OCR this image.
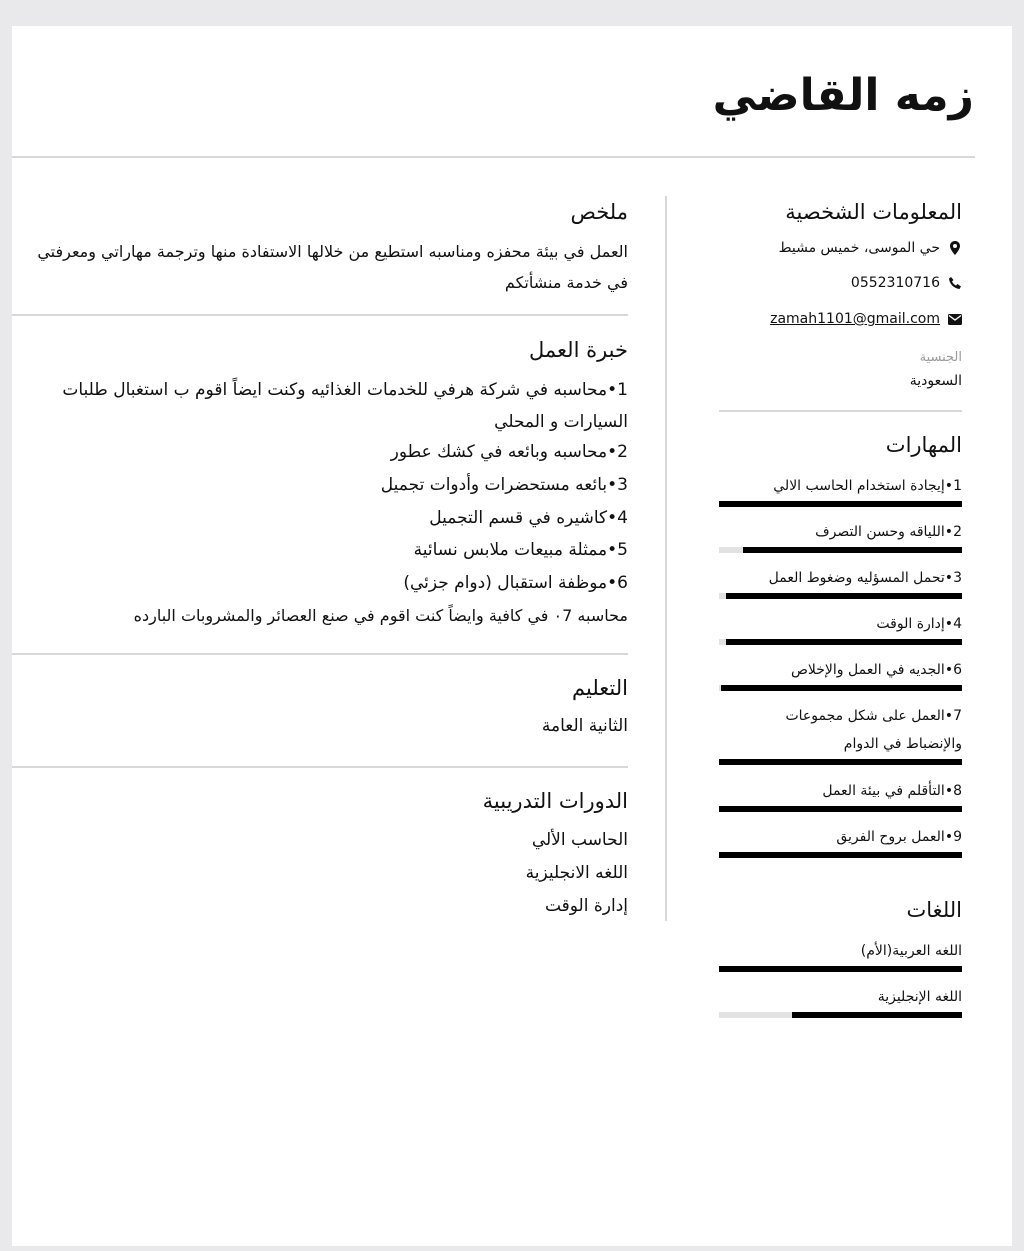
زمه القاضي
المعلومات الشخصية
حي الموسى، خميس مشيط
0552310716
zamah1101@gmail.com
الجنسية
السعودية
المهارات
1•إيجادة استخدام الحاسب الالي
2•اللياقه وحسن التصرف
3•تحمل المسؤليه وضغوط العمل
4•إدارة الوقت
6•الجديه في العمل والإخلاص
7•العمل على شكل مجموعات والإنضباط في الدوام
8•التأقلم في بيئة العمل
9•العمل بروح الفريق
اللغات
اللغه العربية(الأم)
اللغه الإنجليزية
ملخص
العمل في بيئة محفزه ومناسبه استطيع من خلالها الاستفادة منها وترجمة مهاراتي ومعرفتي في خدمة منشأتكم
خبرة العمل
1•محاسبه في شركة هرفي للخدمات الغذائيه وكنت ايضاً اقوم ب استغبال طلبات السيارات و المحلي
2•محاسبه وبائعه في كشك عطور
3•بائعه مستحضرات وأدوات تجميل
4•كاشيره في قسم التجميل
5•ممثلة مبيعات ملابس نسائية
6•موظفة استقبال (دوام جزئي)
محاسبه ٠7 في كافية وايضاً كنت اقوم في صنع العصائر والمشروبات البارده
التعليم
الثانية العامة
الدورات التدريبية
الحاسب الألي
اللغه الانجليزية
إدارة الوقت
